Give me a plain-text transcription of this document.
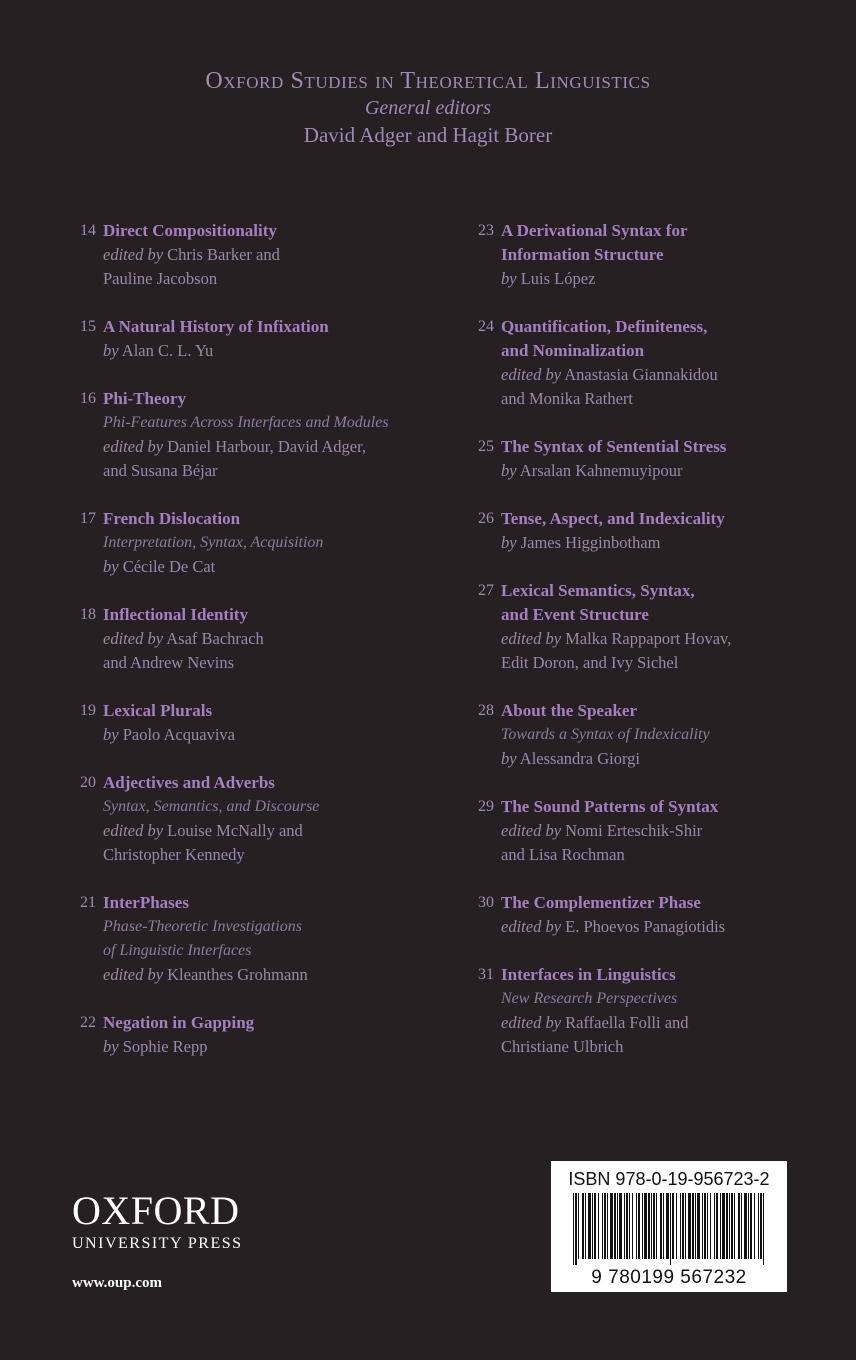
Oxford Studies in Theoretical Linguistics
General editors
David Adger and Hagit Borer
14 Direct Compositionality
edited by Chris Barker and
Pauline Jacobson
15 A Natural History of Infixation
by Alan C. L. Yu
16 Phi-Theory
Phi-Features Across Interfaces and Modules
edited by Daniel Harbour, David Adger,
and Susana Béjar
17 French Dislocation
Interpretation, Syntax, Acquisition
by Cécile De Cat
18 Inflectional Identity
edited by Asaf Bachrach
and Andrew Nevins
19 Lexical Plurals
by Paolo Acquaviva
20 Adjectives and Adverbs
Syntax, Semantics, and Discourse
edited by Louise McNally and
Christopher Kennedy
21 InterPhases
Phase-Theoretic Investigations
of Linguistic Interfaces
edited by Kleanthes Grohmann
22 Negation in Gapping
by Sophie Repp
23 A Derivational Syntax for
Information Structure
by Luis López
24 Quantification, Definiteness,
and Nominalization
edited by Anastasia Giannakidou
and Monika Rathert
25 The Syntax of Sentential Stress
by Arsalan Kahnemuyipour
26 Tense, Aspect, and Indexicality
by James Higginbotham
27 Lexical Semantics, Syntax,
and Event Structure
edited by Malka Rappaport Hovav,
Edit Doron, and Ivy Sichel
28 About the Speaker
Towards a Syntax of Indexicality
by Alessandra Giorgi
29 The Sound Patterns of Syntax
edited by Nomi Erteschik-Shir
and Lisa Rochman
30 The Complementizer Phase
edited by E. Phoevos Panagiotidis
31 Interfaces in Linguistics
New Research Perspectives
edited by Raffaella Folli and
Christiane Ulbrich
OXFORD
UNIVERSITY PRESS
www.oup.com
ISBN 978-0-19-956723-2
9 780199 567232
